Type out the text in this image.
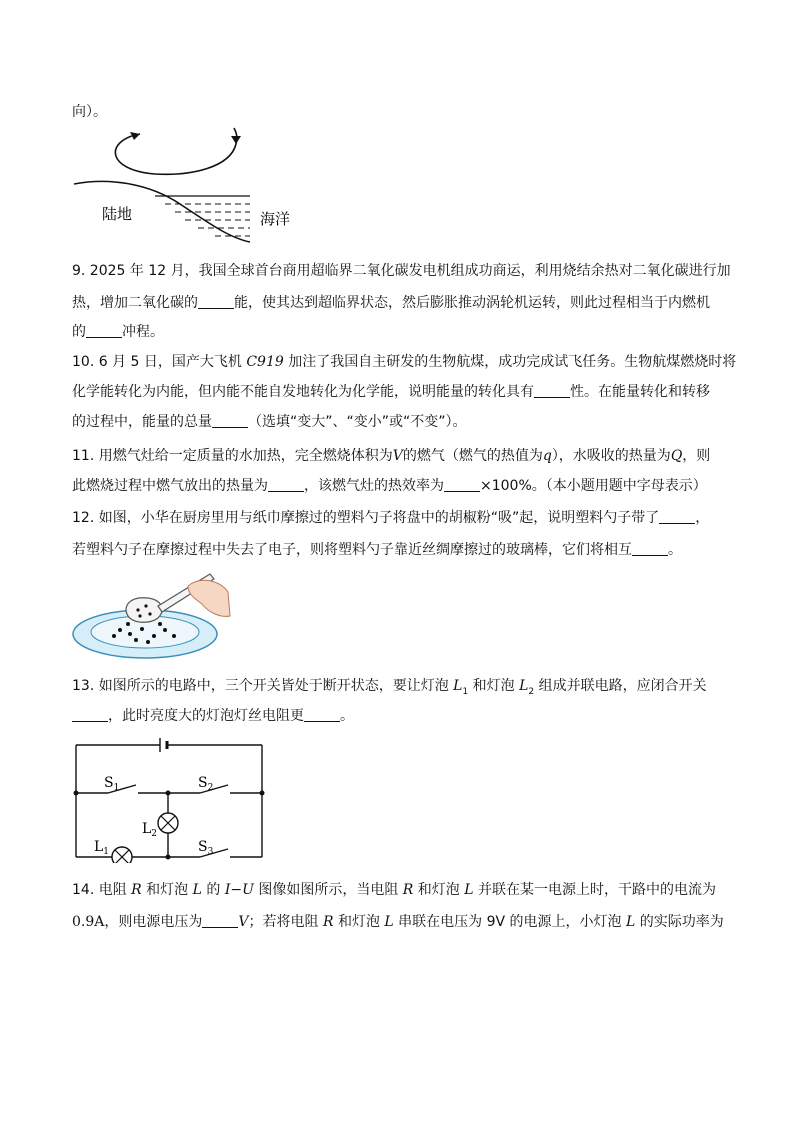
向）。
陆地	海洋
9. 2025 年 12 月，我国全球首台商用超临界二氧化碳发电机组成功商运，利用烧结余热对二氧化碳进行加
热，增加二氧化碳的	能，使其达到超临界状态，然后膨胀推动涡轮机运转，则此过程相当于内燃机
的	冲程。
10. 6 月 5 日，国产大飞机 C919 加注了我国自主研发的生物航煤，成功完成试飞任务。生物航煤燃烧时将
化学能转化为内能，但内能不能自发地转化为化学能，说明能量的转化具有	性。在能量转化和转移
的过程中，能量的总量	（选填“变大”、“变小”或“不变”）。
11. 用燃气灶给一定质量的水加热，完全燃烧体积为V的燃气（燃气的热值为q），水吸收的热量为Q，则
此燃烧过程中燃气放出的热量为	，该燃气灶的热效率为	×100%。（本小题用题中字母表示）
12. 如图，小华在厨房里用与纸巾摩擦过的塑料勺子将盘中的胡椒粉“吸”起，说明塑料勺子带了	，
若塑料勺子在摩擦过程中失去了电子，则将塑料勺子靠近丝绸摩擦过的玻璃棒，它们将相互	。
13. 如图所示的电路中，三个开关皆处于断开状态，要让灯泡 $L_1$ 和灯泡 $L_2$ 组成并联电路，应闭合开关
，此时亮度大的灯泡灯丝电阻更	。
$S_1$	$S_2$
$S_3$
$L_2$
$L_1$
14. 电阻 R 和灯泡 L 的 I−U 图像如图所示，当电阻 R 和灯泡 L 并联在某一电源上时，干路中的电流为
0.9A，则电源电压为	V；若将电阻 R 和灯泡 L 串联在电压为 9V 的电源上，小灯泡 L 的实际功率为
